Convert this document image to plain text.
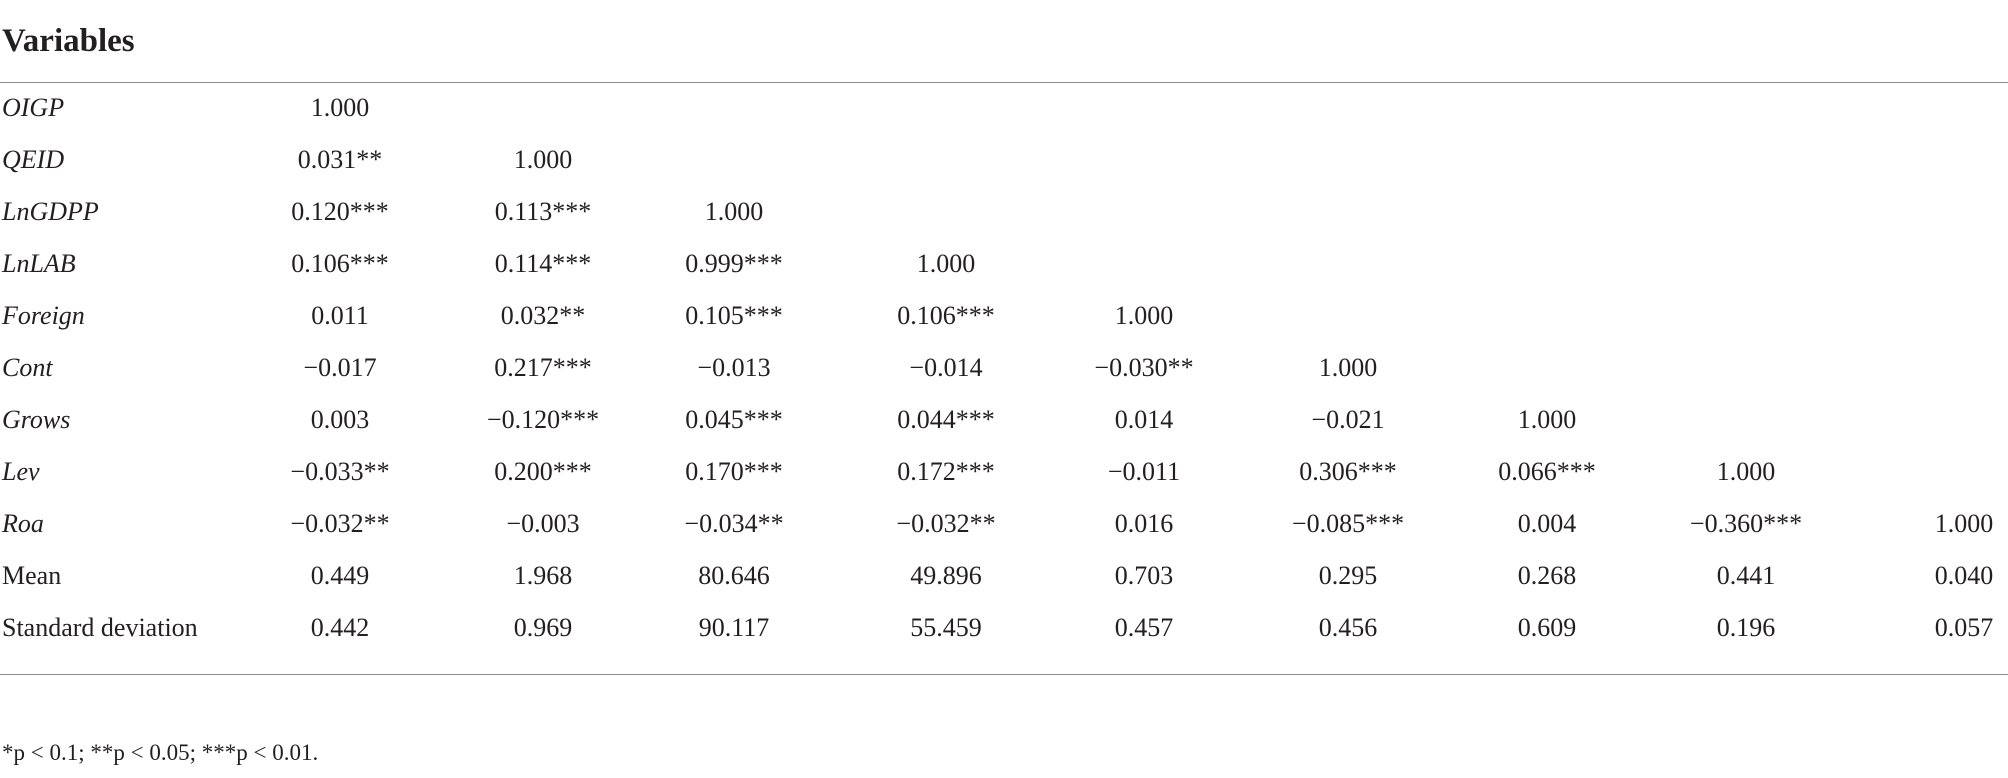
Variables
OIGP	1.000
QEID	0.031**	1.000
LnGDPP	0.120***	0.113***	1.000
LnLAB	0.106***	0.114***	0.999***	1.000
Foreign	0.011	0.032**	0.105***	0.106***	1.000
Cont	−0.017	0.217***	−0.013	−0.014	−0.030**	1.000
Grows	0.003	−0.120***	0.045***	0.044***	0.014	−0.021	1.000
Lev	−0.033**	0.200***	0.170***	0.172***	−0.011	0.306***	0.066***	1.000
Roa	−0.032**	−0.003	−0.034**	−0.032**	0.016	−0.085***	0.004	−0.360***	1.000
Mean	0.449	1.968	80.646	49.896	0.703	0.295	0.268	0.441	0.040
Standard deviation	0.442	0.969	90.117	55.459	0.457	0.456	0.609	0.196	0.057
*p < 0.1; **p < 0.05; ***p < 0.01.
